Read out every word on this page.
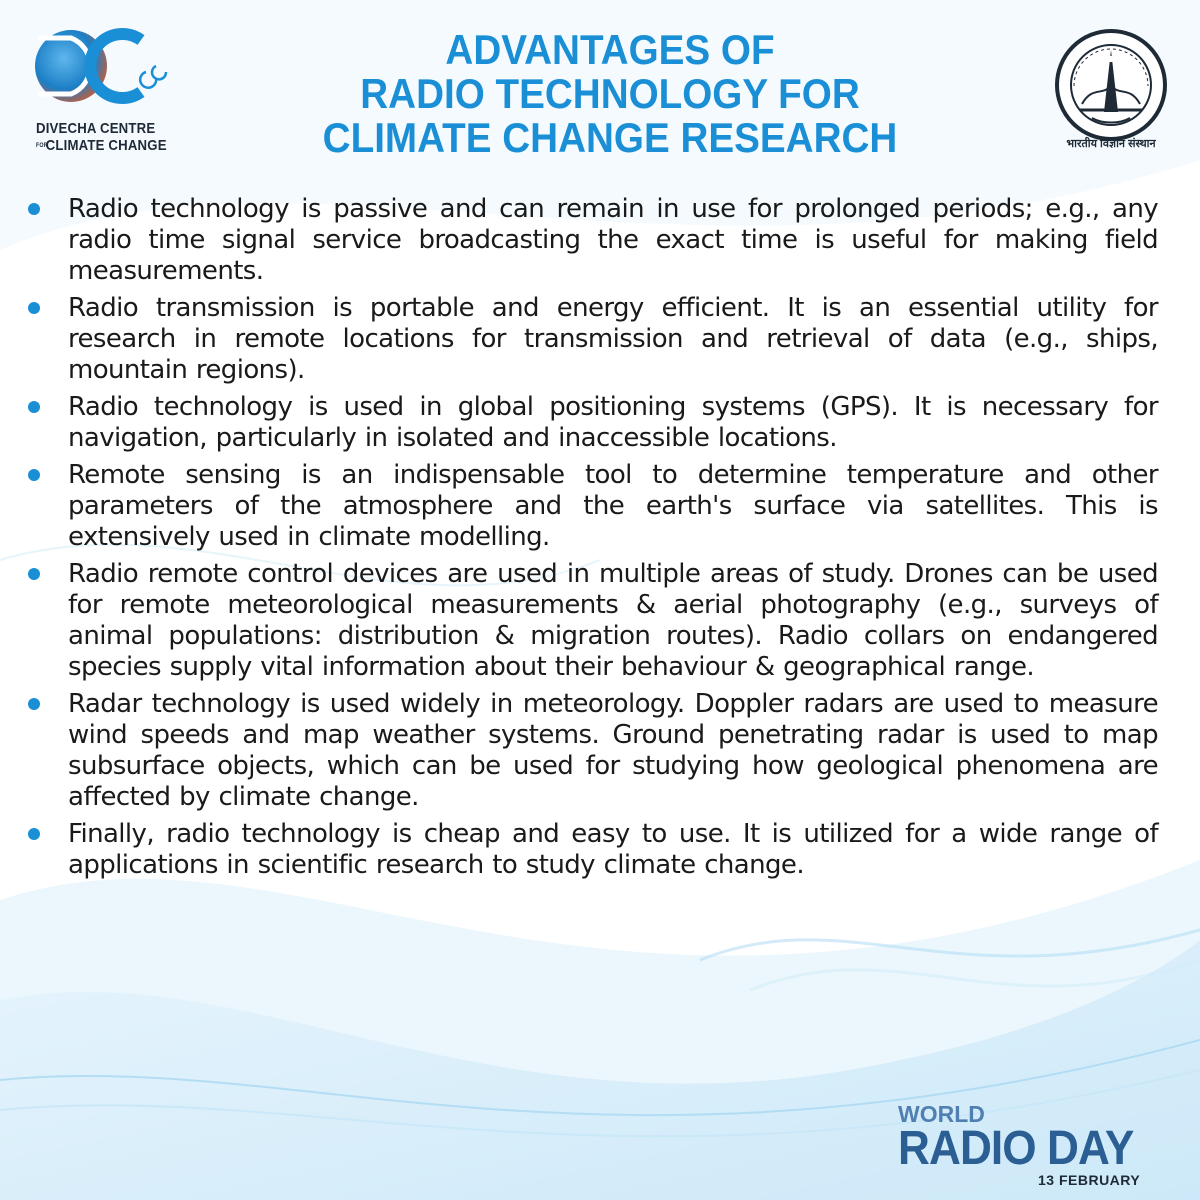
DIVECHA CENTRE
FOR
CLIMATE CHANGE
ADVANTAGES OF
RADIO TECHNOLOGY FOR
CLIMATE CHANGE RESEARCH	भारतीय विज्ञान संस्थान
Radio technology is passive and can remain in use for prolonged periods; e.g., any radio time signal service broadcasting the exact time is useful for making field measurements.
Radio transmission is portable and energy efficient. It is an essential utility for research in remote locations for transmission and retrieval of data (e.g., ships, mountain regions).
Radio technology is used in global positioning systems (GPS). It is necessary for navigation, particularly in isolated and inaccessible locations.
Remote sensing is an indispensable tool to determine temperature and other parameters of the atmosphere and the earth's surface via satellites. This is extensively used in climate modelling.
Radio remote control devices are used in multiple areas of study. Drones can be used for remote meteorological measurements & aerial photography (e.g., surveys of animal populations: distribution & migration routes). Radio collars on endangered species supply vital information about their behaviour & geographical range.
Radar technology is used widely in meteorology. Doppler radars are used to measure wind speeds and map weather systems. Ground penetrating radar is used to map subsurface objects, which can be used for studying how geological phenomena are affected by climate change.
Finally, radio technology is cheap and easy to use. It is utilized for a wide range of applications in scientific research to study climate change.
WORLD
RADIO DAY
13 FEBRUARY
